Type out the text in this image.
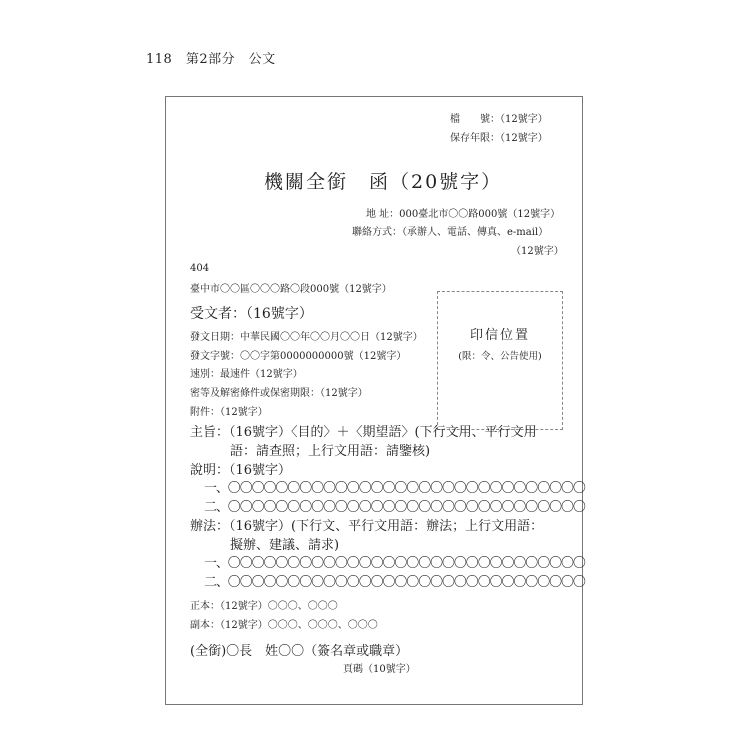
118　第2部分　公文
檔　　號：（12號字）
保存年限：（12號字）
機關全銜　函（20號字）
地 址：000臺北市〇〇路000號（12號字）
聯絡方式：（承辦人、電話、傳真、e-mail）
（12號字）
404
臺中市〇〇區〇〇〇路〇段000號（12號字）
受文者：（16號字）
發文日期：中華民國〇〇年〇〇月〇〇日（12號字）
發文字號：〇〇字第0000000000號（12號字）
速別：最速件（12號字）
密等及解密條件或保密期限：（12號字）
附件：（12號字）
印信位置
(限：令、公告使用)
主旨：（16號字）〈目的〉＋〈期望語〉(下行文用、平行文用
語：請查照；上行文用語：請鑒核)
說明：（16號字）
一、〇〇〇〇〇〇〇〇〇〇〇〇〇〇〇〇〇〇〇〇〇〇〇〇〇〇〇〇〇〇
二、〇〇〇〇〇〇〇〇〇〇〇〇〇〇〇〇〇〇〇〇〇〇〇〇〇〇〇〇〇〇
辦法：（16號字）(下行文、平行文用語：辦法；上行文用語：
擬辦、建議、請求)
一、〇〇〇〇〇〇〇〇〇〇〇〇〇〇〇〇〇〇〇〇〇〇〇〇〇〇〇〇〇〇
二、〇〇〇〇〇〇〇〇〇〇〇〇〇〇〇〇〇〇〇〇〇〇〇〇〇〇〇〇〇〇
正本：（12號字）〇〇〇、〇〇〇
副本：（12號字）〇〇〇、〇〇〇、〇〇〇
(全銜)〇長　姓〇〇（簽名章或職章）
頁碼（10號字）
